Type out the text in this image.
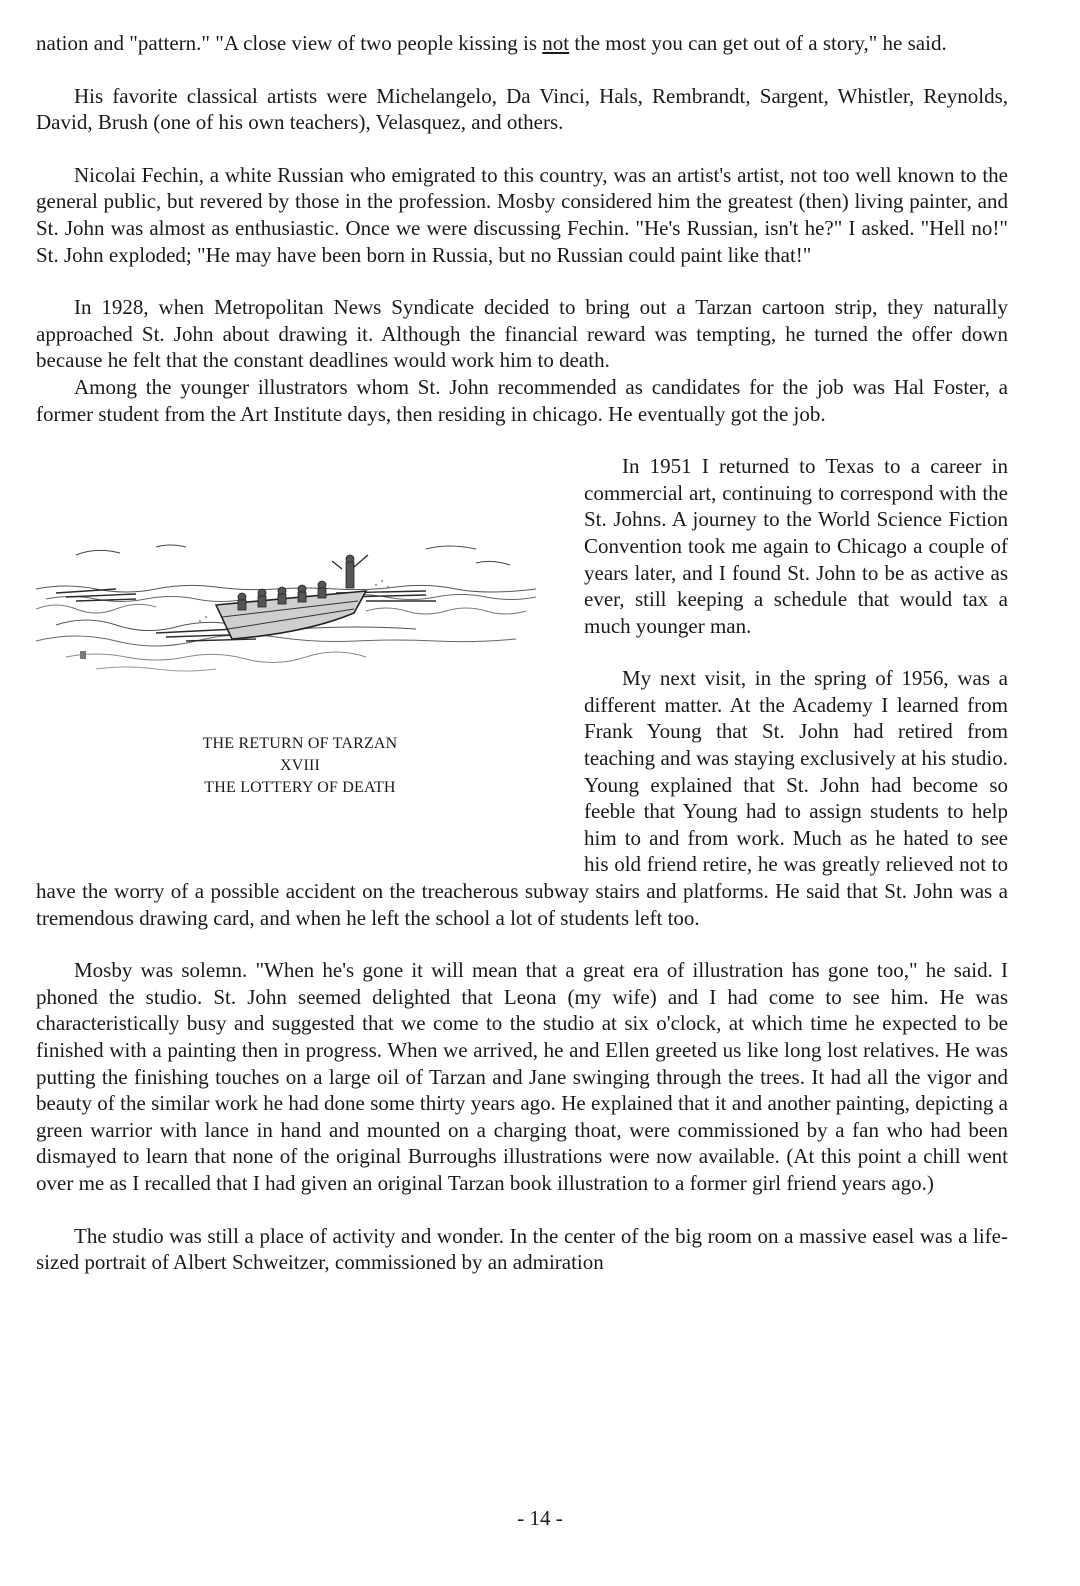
nation and "pattern." "A close view of two people kissing is not the most you can get out of a story," he said.

His favorite classical artists were Michelangelo, Da Vinci, Hals, Rembrandt, Sargent, Whistler, Reynolds, David, Brush (one of his own teachers), Velasquez, and others.

Nicolai Fechin, a white Russian who emigrated to this country, was an artist's artist, not too well known to the general public, but revered by those in the profession. Mosby considered him the greatest (then) living painter, and St. John was almost as enthusiastic. Once we were discussing Fechin. "He's Russian, isn't he?" I asked. "Hell no!" St. John exploded; "He may have been born in Russia, but no Russian could paint like that!"

In 1928, when Metropolitan News Syndicate decided to bring out a Tarzan cartoon strip, they naturally approached St. John about drawing it. Although the financial reward was tempting, he turned the offer down because he felt that the constant deadlines would work him to death.

Among the younger illustrators whom St. John recommended as candidates for the job was Hal Foster, a former student from the Art Institute days, then residing in chicago. He eventually got the job.

THE RETURN OF TARZAN
XVIII
THE LOTTERY OF DEATH

In 1951 I returned to Texas to a career in commercial art, continuing to correspond with the St. Johns. A journey to the World Science Fiction Convention took me again to Chicago a couple of years later, and I found St. John to be as active as ever, still keeping a schedule that would tax a much younger man.

My next visit, in the spring of 1956, was a different matter. At the Academy I learned from Frank Young that St. John had retired from teaching and was staying exclusively at his studio. Young explained that St. John had become so feeble that Young had to assign students to help him to and from work. Much as he hated to see his old friend retire, he was greatly relieved not to have the worry of a possible accident on the treacherous subway stairs and platforms. He said that St. John was a tremendous drawing card, and when he left the school a lot of students left too.

Mosby was solemn. "When he's gone it will mean that a great era of illustration has gone too," he said. I phoned the studio. St. John seemed delighted that Leona (my wife) and I had come to see him. He was characteristically busy and suggested that we come to the studio at six o'clock, at which time he expected to be finished with a painting then in progress. When we arrived, he and Ellen greeted us like long lost relatives. He was putting the finishing touches on a large oil of Tarzan and Jane swinging through the trees. It had all the vigor and beauty of the similar work he had done some thirty years ago. He explained that it and another painting, depicting a green warrior with lance in hand and mounted on a charging thoat, were commissioned by a fan who had been dismayed to learn that none of the original Burroughs illustrations were now available. (At this point a chill went over me as I recalled that I had given an original Tarzan book illustration to a former girl friend years ago.)

The studio was still a place of activity and wonder. In the center of the big room on a massive easel was a life-sized portrait of Albert Schweitzer, commissioned by an admiration

- 14 -
